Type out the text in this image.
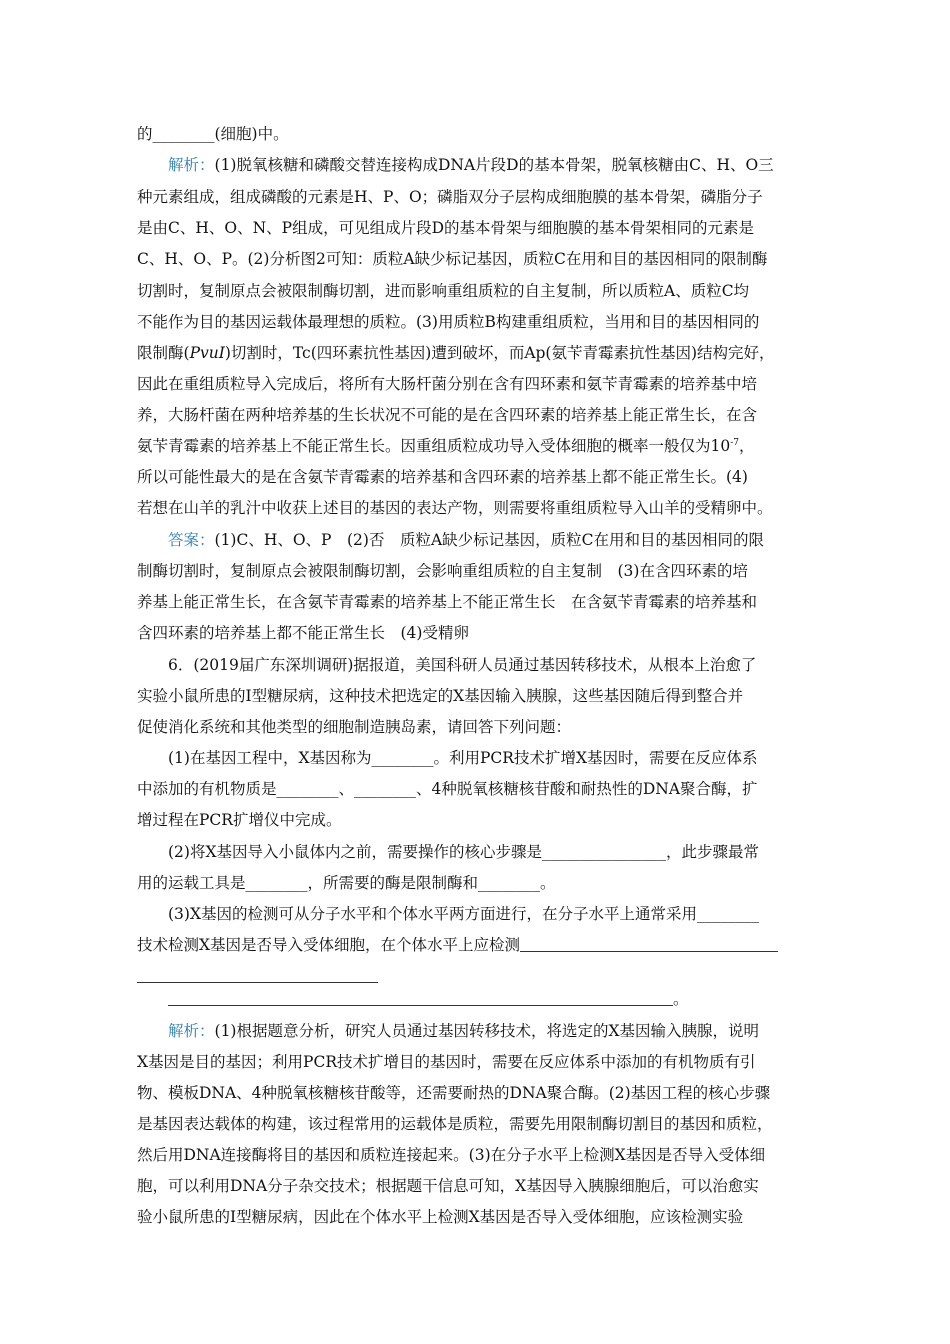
的________(细胞)中。
解析：(1)脱氧核糖和磷酸交替连接构成DNA片段D的基本骨架，脱氧核糖由C、H、O三
种元素组成，组成磷酸的元素是H、P、O；磷脂双分子层构成细胞膜的基本骨架，磷脂分子
是由C、H、O、N、P组成，可见组成片段D的基本骨架与细胞膜的基本骨架相同的元素是
C、H、O、P。(2)分析图2可知：质粒A缺少标记基因，质粒C在用和目的基因相同的限制酶
切割时，复制原点会被限制酶切割，进而影响重组质粒的自主复制，所以质粒A、质粒C均
不能作为目的基因运载体最理想的质粒。(3)用质粒B构建重组质粒，当用和目的基因相同的
限制酶(PvuⅠ)切割时，Tc(四环素抗性基因)遭到破坏，而Ap(氨苄青霉素抗性基因)结构完好，
因此在重组质粒导入完成后，将所有大肠杆菌分别在含有四环素和氨苄青霉素的培养基中培
养，大肠杆菌在两种培养基的生长状况不可能的是在含四环素的培养基上能正常生长，在含
氨苄青霉素的培养基上不能正常生长。因重组质粒成功导入受体细胞的概率一般仅为$10^{-7}$，
所以可能性最大的是在含氨苄青霉素的培养基和含四环素的培养基上都不能正常生长。(4)
若想在山羊的乳汁中收获上述目的基因的表达产物，则需要将重组质粒导入山羊的受精卵中。
答案：(1)C、H、O、P　(2)否　质粒A缺少标记基因，质粒C在用和目的基因相同的限
制酶切割时，复制原点会被限制酶切割，会影响重组质粒的自主复制　(3)在含四环素的培
养基上能正常生长，在含氨苄青霉素的培养基上不能正常生长　在含氨苄青霉素的培养基和
含四环素的培养基上都不能正常生长　(4)受精卵
6．(2019届广东深圳调研)据报道，美国科研人员通过基因转移技术，从根本上治愈了
实验小鼠所患的Ⅰ型糖尿病，这种技术把选定的X基因输入胰腺，这些基因随后得到整合并
促使消化系统和其他类型的细胞制造胰岛素，请回答下列问题：
(1)在基因工程中，X基因称为________。利用PCR技术扩增X基因时，需要在反应体系
中添加的有机物质是________、________、4种脱氧核糖核苷酸和耐热性的DNA聚合酶，扩
增过程在PCR扩增仪中完成。
(2)将X基因导入小鼠体内之前，需要操作的核心步骤是________________，此步骤最常
用的运载工具是________，所需要的酶是限制酶和________。
(3)X基因的检测可从分子水平和个体水平两方面进行，在分子水平上通常采用________
技术检测X基因是否导入受体细胞，在个体水平上应检测
。
解析：(1)根据题意分析，研究人员通过基因转移技术，将选定的X基因输入胰腺，说明
X基因是目的基因；利用PCR技术扩增目的基因时，需要在反应体系中添加的有机物质有引
物、模板DNA、4种脱氧核糖核苷酸等，还需要耐热的DNA聚合酶。(2)基因工程的核心步骤
是基因表达载体的构建，该过程常用的运载体是质粒，需要先用限制酶切割目的基因和质粒，
然后用DNA连接酶将目的基因和质粒连接起来。(3)在分子水平上检测X基因是否导入受体细
胞，可以利用DNA分子杂交技术；根据题干信息可知，X基因导入胰腺细胞后，可以治愈实
验小鼠所患的Ⅰ型糖尿病，因此在个体水平上检测X基因是否导入受体细胞，应该检测实验
